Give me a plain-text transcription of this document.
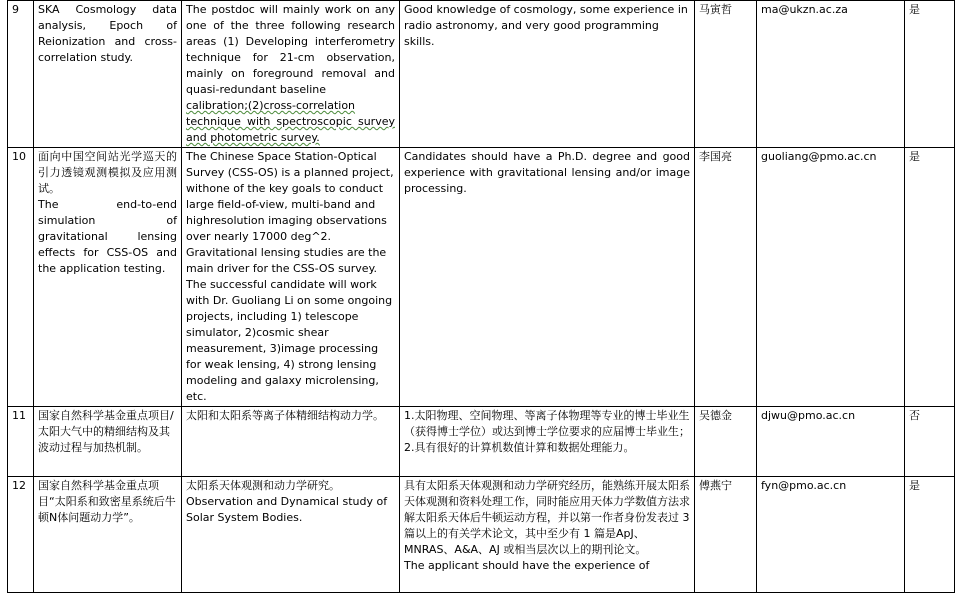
9	SKA Cosmology data analysis, Epoch of Reionization and cross-correlation study.	The postdoc will mainly work on any one of the three following research areas (1) Developing interferometry technique for 21-cm observation, mainly on foreground removal and quasi-redundant baseline
calibration;(2)cross-correlation technique with spectroscopic survey and photometric survey.	Good knowledge of cosmology, some experience in radio astronomy, and very good programming skills.	马寅哲	ma@ukzn.ac.za	是
10	面向中国空间站光学巡天的引力透镜观测模拟及应用测试。
The end-to-end simulation of gravitational lensing effects for CSS-OS and the application testing.	The Chinese Space Station-Optical Survey (CSS-OS) is a planned project, withone of the key goals to conduct large field-of-view, multi-band and highresolution imaging observations over nearly 17000 deg^2. Gravitational lensing studies are the main driver for the CSS-OS survey. The successful candidate will work with Dr. Guoliang Li on some ongoing projects, including 1) telescope simulator, 2)cosmic shear measurement, 3)image processing for weak lensing, 4) strong lensing modeling and galaxy microlensing, etc.	Candidates should have a Ph.D. degree and good experience with gravitational lensing and/or image processing.	李国亮	guoliang@pmo.ac.cn	是
11	国家自然科学基金重点项目/太阳大气中的精细结构及其波动过程与加热机制。	太阳和太阳系等离子体精细结构动力学。	1.太阳物理、空间物理、等离子体物理等专业的博士毕业生（获得博士学位）或达到博士学位要求的应届博士毕业生；
2.具有很好的计算机数值计算和数据处理能力。	吴德金	djwu@pmo.ac.cn	否
12	国家自然科学基金重点项目“太阳系和致密星系统后牛顿N体问题动力学”。	太阳系天体观测和动力学研究。
Observation and Dynamical study of Solar System Bodies.	具有太阳系天体观测和动力学研究经历，能熟练开展太阳系天体观测和资料处理工作，同时能应用天体力学数值方法求解太阳系天体后牛顿运动方程，并以第一作者身份发表过 3 篇以上的有关学术论文，其中至少有 1 篇是ApJ、MNRAS、A&A、AJ 或相当层次以上的期刊论文。
The applicant should have the experience of	傅燕宁	fyn@pmo.ac.cn	是
